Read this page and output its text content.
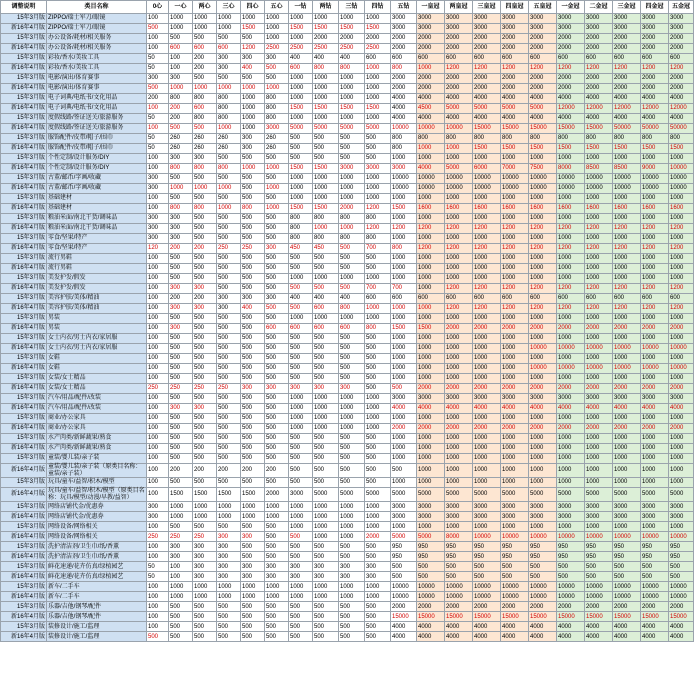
调整说明	类目名称	0心	一心	两心	三心	四心	五心	一钻	两钻	三钻	四钻	五钻	一皇冠	两皇冠	三皇冠	四皇冠	五皇冠	一金冠	二金冠	三金冠	四金冠	五金冠
15年3月版	ZIPPO/瑞士军刀/眼镜	100	1000	1000	1000	1000	1000	1000	1000	1000	1000	3000	3000	3000	3000	3000	3000	3000	3000	3000	3000	3000
新16年4月版	ZIPPO/瑞士军刀/眼镜	500	1000	1000	1000	1500	1000	1500	1500	1500	1500	3000	3000	3000	3000	3000	3000	3000	3000	3000	3000	3000
15年3月版	办公设备/耗材/相关服务	100	500	500	500	500	1000	1000	2000	2000	2000	2000	2000	2000	2000	2000	2000	2000	2000	2000	2000	2000
新16年4月版	办公设备/耗材/相关服务	100	600	600	600	1200	2500	2500	2500	2500	2500	2000	2000	2000	2000	2000	2000	2000	2000	2000	2000	2000
15年3月版	彩妆/香水/美妆工具	50	100	200	300	300	300	400	400	400	600	600	600	600	600	600	600	600	600	600	600	600
新16年4月版	彩妆/香水/美妆工具	50	100	200	300	400	500	600	800	800	1000	800	1000	1200	1200	1200	1200	1200	1200	1200	1200	1200
15年3月版	电影/演出/体育赛事	300	300	500	500	500	500	1000	1000	1000	1000	2000	2000	2000	2000	2000	2000	2000	2000	2000	2000	2000
新16年4月版	电影/演出/体育赛事	500	1000	1000	1000	1000	1000	1000	1000	1000	1000	2000	2000	2000	2000	2000	2000	2000	2000	2000	2000	2000
15年3月版	电子词典/电纸书/文化用品	200	800	800	800	1000	800	1000	1000	1000	1000	4000	4000	4000	4000	4000	4000	4000	4000	4000	4000	4000
新16年4月版	电子词典/电纸书/文化用品	100	200	600	800	1000	800	1500	1500	1500	1500	4000	4500	5000	5000	5000	5000	12000	12000	12000	12000	12000
15年3月版	度假线路/签证送关/旅游服务	50	200	800	800	1000	800	1000	1000	1000	1000	4000	4000	4000	4000	4000	4000	4000	4000	4000	4000	4000
新16年4月版	度假线路/签证送关/旅游服务	100	500	500	1000	1000	3000	5000	5000	5000	5000	10000	10000	10000	15000	15000	15000	15000	15000	50000	50000	50000
15年3月版	服饰配件/皮带/帽子/围巾	50	260	260	260	300	260	500	500	500	500	800	800	800	800	800	800	800	800	800	800	800
新16年4月版	服饰配件/皮带/帽子/围巾	50	260	260	260	300	260	500	500	500	500	800	1000	1000	1500	1500	1500	1500	1500	1500	1500	1500
15年3月版	个性定制/设计服务/DIY	100	300	300	500	500	500	500	500	500	500	1000	1000	1000	1000	1000	1000	1000	1000	1000	1000	1000
新16年4月版	个性定制/设计服务/DIY	100	800	800	800	1000	1000	1500	1500	3000	3000	3000	4000	5000	6000	7000	7500	8000	8500	8500	9000	10000
15年3月版	古董/邮币/字画/收藏	300	500	500	500	500	500	1000	1000	1000	1000	10000	10000	10000	10000	10000	10000	10000	10000	10000	10000	10000
新16年4月版	古董/邮币/字画/收藏	300	1000	1000	1000	500	1000	1000	1000	1000	1000	10000	10000	10000	10000	10000	10000	10000	10000	10000	10000	10000
15年3月版	基础建材	100	500	500	500	500	500	1000	1000	1000	1000	1000	1000	1000	1000	1000	1000	1000	1000	1000	1000	1000
新16年4月版	基础建材	100	800	800	1000	800	1000	1500	1500	2000	1200	1500	1600	1600	1600	1600	1600	1600	1600	1600	1600	1600
15年3月版	粮油米面/南北干货/调味品	300	300	500	500	500	500	800	800	800	800	1000	1000	1000	1000	1000	1000	1000	1000	1000	1000	1000
新16年4月版	粮油米面/南北干货/调味品	300	300	500	500	500	500	800	1000	1000	1200	1200	1200	1200	1200	1200	1200	1200	1200	1200	1200	1200
15年3月版	零食/坚果/特产	300	300	500	500	500	500	800	800	800	800	1000	1000	1000	1000	1000	1000	1000	1000	1000	1000	1000
新16年4月版	零食/坚果/特产	120	200	200	250	250	300	450	450	500	700	800	1200	1200	1200	1200	1200	1200	1200	1200	1200	1200
15年3月版	流行男鞋	100	500	500	500	500	500	500	500	500	500	1000	1000	1000	1000	1000	1000	1000	1000	1000	1000	1000
新16年4月版	流行男鞋	100	500	500	500	500	500	500	500	500	500	1000	1000	1000	1000	1000	1000	1000	1000	1000	1000	1000
15年3月版	美发护发/假发	100	500	500	500	500	500	1000	1000	1000	1000	1000	1000	1000	1000	1000	1000	1000	1000	1000	1000	1000
新16年4月版	美发护发/假发	100	300	300	500	500	500	500	500	500	700	700	1000	1200	1200	1200	1200	1200	1200	1200	1200	1200
15年3月版	美容护肤/美体/精油	100	200	200	300	300	300	400	400	400	600	600	600	600	600	600	600	600	600	600	600	600
新16年4月版	美容护肤/美体/精油	100	300	300	300	400	500	500	600	800	1000	1000	1000	1200	1200	1200	1200	1200	1200	1200	1200	1200
15年3月版	男装	100	500	500	500	500	500	1000	1000	1000	1000	1000	1000	1000	1000	1000	1000	1000	1000	1000	1000	1000
新16年4月版	男装	100	300	500	500	500	600	600	600	600	800	1500	1500	2000	2000	2000	2000	2000	2000	2000	2000	2000
15年3月版	女士内衣/男士内衣/家居服	100	500	500	500	500	500	500	500	500	500	1000	1000	1000	1000	1000	1000	1000	1000	1000	1000	1000
新16年4月版	女士内衣/男士内衣/家居服	100	500	500	500	500	500	500	500	500	500	1000	1000	1000	1000	1000	10000	10000	10000	10000	10000	10000
15年3月版	女鞋	100	500	500	500	500	500	500	500	500	500	1000	1000	1000	1000	1000	1000	1000	1000	1000	1000	1000
新16年4月版	女鞋	100	500	500	500	500	500	500	500	500	500	1000	1000	1000	1000	1000	10000	10000	10000	10000	10000	10000
15年3月版	女装/女士精品	100	500	500	500	500	500	500	500	500	500	1000	1000	1000	1000	1000	1000	1000	1000	1000	1000	1000
新16年4月版	女装/女士精品	250	250	250	250	300	300	300	300	300	500	500	2000	2000	2000	2000	2000	2000	2000	2000	2000	2000
15年3月版	汽车/用品/配件/改装	100	500	500	500	500	500	1000	1000	1000	1000	3000	3000	3000	3000	3000	3000	3000	3000	3000	3000	3000
新16年4月版	汽车/用品/配件/改装	100	300	300	500	500	500	1000	1000	1000	1000	4000	4000	4000	4000	4000	4000	4000	4000	4000	4000	4000
15年3月版	商业/办公家具	100	500	500	500	500	500	1000	1000	1000	1000	1000	1000	1000	1000	1000	1000	1000	1000	1000	1000	1000
新16年4月版	商业/办公家具	100	500	500	500	500	500	1000	1000	1000	1000	2000	2000	2000	2000	2000	2000	2000	2000	2000	2000	2000
15年3月版	水产肉类/新鲜蔬果/熟食	100	500	500	500	500	500	500	500	500	500	1000	1000	1000	1000	1000	1000	1000	1000	1000	1000	1000
新16年4月版	水产肉类/新鲜蔬果/熟食	100	500	500	500	500	500	500	500	500	500	1000	1000	1000	1000	1000	1000	1000	1000	1000	1000	1000
15年3月版	童装/婴儿装/亲子装	100	500	500	500	500	500	500	500	500	500	1000	1000	1000	1000	1000	1000	1000	1000	1000	1000	1000
新16年4月版	童装/婴儿装/亲子装（原类目名称：童装/亲子装）	100	200	200	200	200	200	500	500	500	500	500	1000	1000	1000	1000	1000	1000	1000	1000	1000	1000
15年3月版	玩具/童车/益智/积木/模型	100	500	500	500	500	500	500	500	500	500	1000	1000	1000	1000	1000	1000	1000	1000	1000	1000	1000
新16年4月版	玩具/童车/益智/积木/模型（原类目名称：玩具/模型/动漫/早教/益智）	100	1500	1500	1500	1500	2000	3000	5000	5000	5000	5000	5000	5000	5000	5000	5000	5000	5000	5000	5000	5000
15年3月版	网络店铺代金/优惠券	300	1000	1000	1000	1000	1000	1000	1000	1000	1000	3000	3000	3000	3000	3000	3000	3000	3000	3000	3000	3000
新16年4月版	网络店铺代金/优惠券	300	1000	1000	1000	1000	1000	1000	1000	1000	1000	3000	3000	3000	3000	3000	3000	3000	3000	3000	3000	3000
15年3月版	网络设备/网络相关	100	500	500	500	500	500	1000	1000	1000	1000	1000	1000	1000	1000	1000	1000	1000	1000	1000	1000	1000
新16年4月版	网络设备/网络相关	250	250	250	300	300	500	500	1000	1000	2000	5000	5000	8000	10000	10000	10000	10000	10000	10000	10000	10000
15年3月版	洗护清洁剂/卫生巾/纸/香薰	100	300	300	300	500	500	500	500	500	500	950	950	950	950	950	950	950	950	950	950	950
新16年4月版	洗护清洁剂/卫生巾/纸/香薰	100	300	300	300	500	500	500	500	500	500	950	950	950	950	950	950	950	950	950	950	950
15年3月版	鲜花速递/花卉仿真/绿植园艺	50	100	300	300	300	300	300	300	300	300	500	500	500	500	500	500	500	500	500	500	500
新16年4月版	鲜花速递/花卉仿真/绿植园艺	50	100	300	300	300	300	300	300	300	300	500	500	500	500	500	500	500	500	500	500	500
15年3月版	新车/二手车	100	1000	1000	1000	1000	1000	1000	1000	1000	1000	10000	10000	10000	10000	10000	10000	10000	10000	10000	10000	10000
新16年4月版	新车/二手车	100	1000	1000	1000	1000	1000	1000	1000	1000	1000	10000	10000	10000	10000	10000	10000	10000	10000	10000	10000	10000
15年3月版	乐器/吉他/钢琴/配件	100	500	500	500	500	500	500	500	500	500	2000	2000	2000	2000	2000	2000	2000	2000	2000	2000	2000
新16年4月版	乐器/吉他/钢琴/配件	100	500	500	500	500	500	500	500	500	500	15000	15000	15000	15000	15000	15000	15000	15000	15000	15000	15000
15年3月版	装修设计/施工/监理	100	500	500	500	500	500	500	500	500	500	4000	4000	4000	4000	4000	4000	4000	4000	4000	4000	4000
新16年4月版	装修设计/施工/监理	500	500	500	500	500	500	500	500	500	500	4000	4000	4000	4000	4000	4000	4000	4000	4000	4000	4000
